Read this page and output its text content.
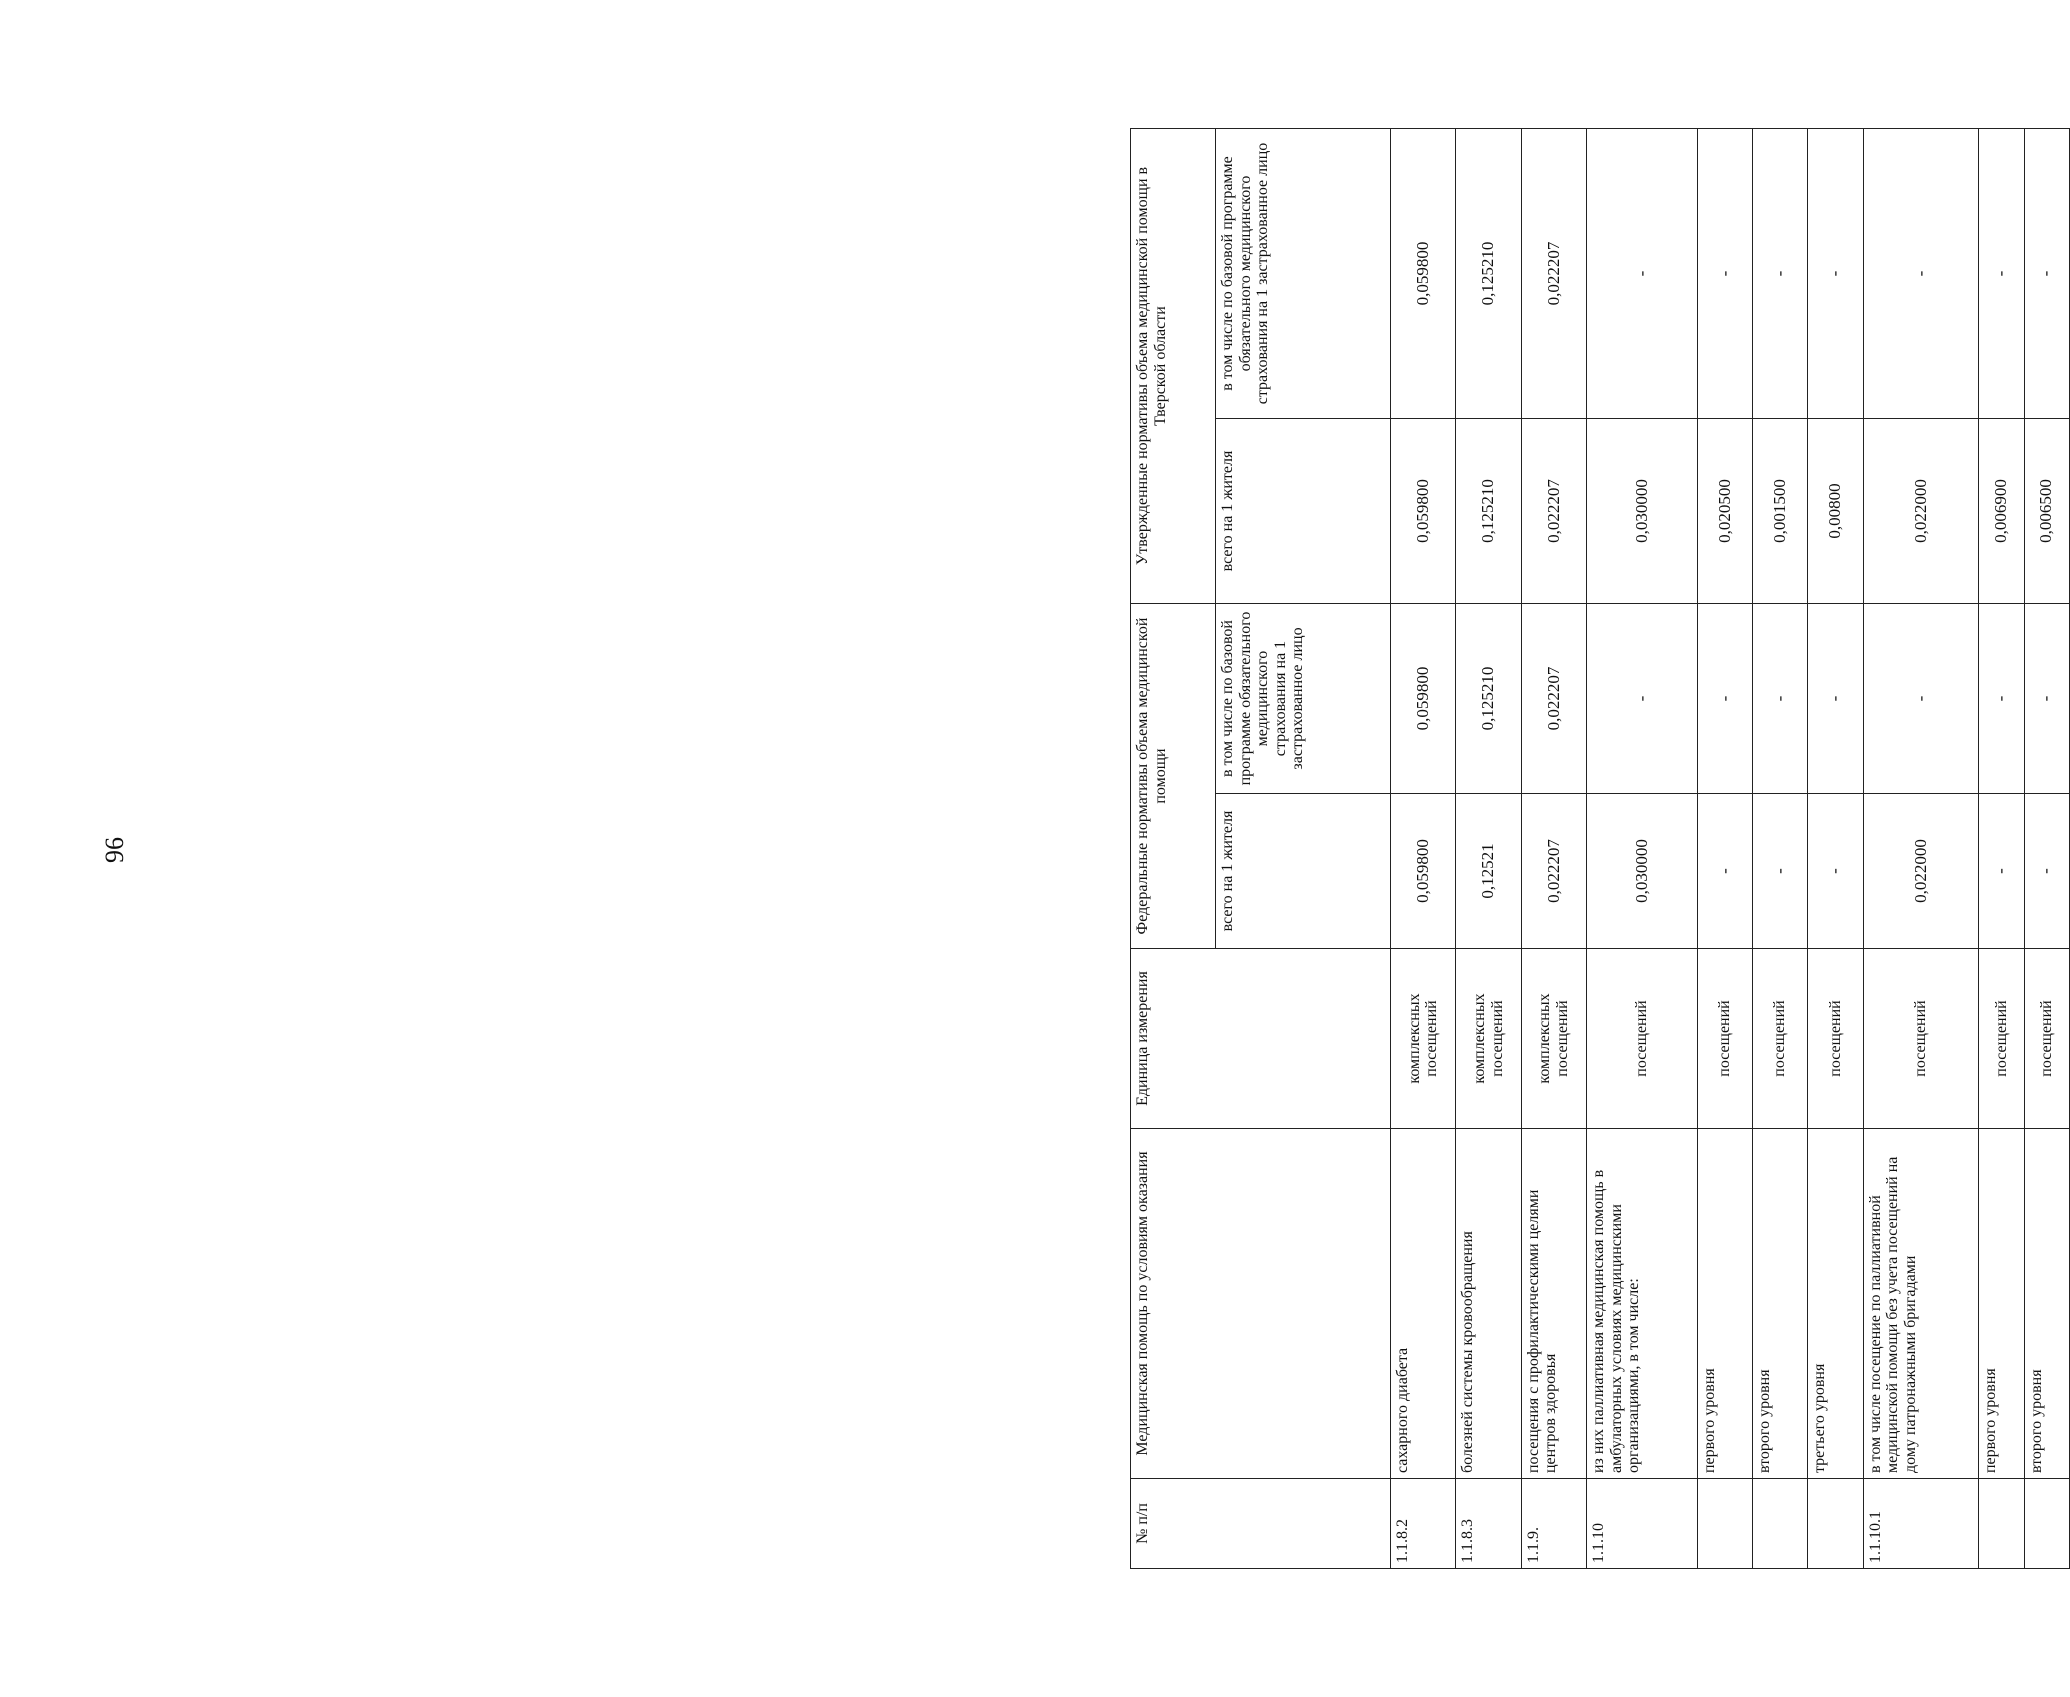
96
№ п/п	Медицинская помощь по условиям оказания	Единица измерения	Федеральные нормативы объема медицинской помощи		Утвержденные нормативы объема медицинской помощи в Тверской области	
			всего на 1 жителя	в том числе по базовой программе обязательного медицинского страхования на 1 застрахованное лицо	всего на 1 жителя	в том числе по базовой программе обязательного медицинского страхования на 1 застрахованное лицо
1.1.8.2	сахарного диабета	комплексных посещений	0,059800	0,059800	0,059800	0,059800
1.1.8.3	болезней системы кровообращения	комплексных посещений	0,12521	0,125210	0,125210	0,125210
1.1.9.	посещения с профилактическими целями центров здоровья	комплексных посещений	0,022207	0,022207	0,022207	0,022207
1.1.10	из них паллиативная медицинская помощь в амбулаторных условиях медицинскими организациями, в том числе:	посещений	0,030000	-	0,030000	-
	первого уровня	посещений	-	-	0,020500	-
	второго уровня	посещений	-	-	0,001500	-
	третьего уровня	посещений	-	-	0,00800	-
1.1.10.1	в том числе посещение по паллиативной медицинской помощи без учета посещений на дому патронажными бригадами	посещений	0,022000	-	0,022000	-
	первого уровня	посещений	-	-	0,006900	-
	второго уровня	посещений	-	-	0,006500	-
